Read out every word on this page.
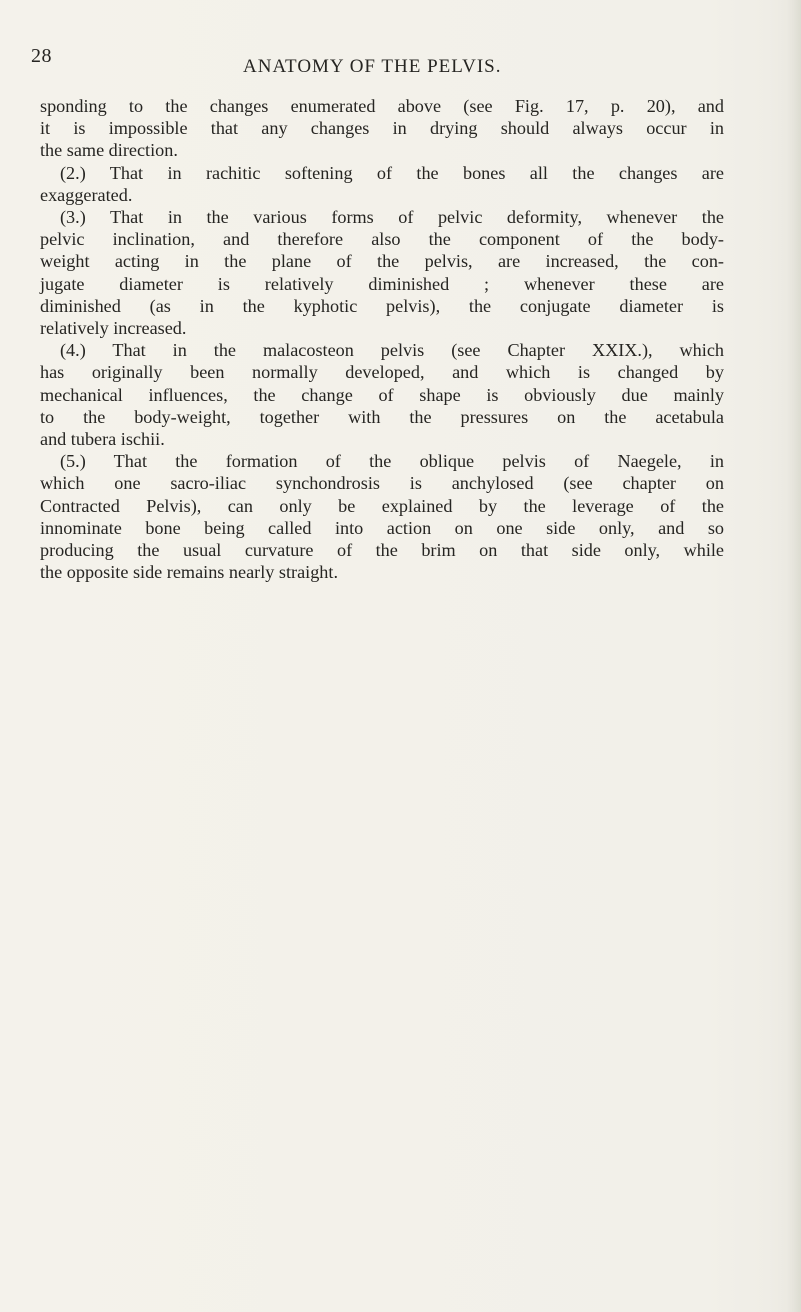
28	ANATOMY OF THE PELVIS.
sponding to the changes enumerated above (see Fig. 17, p. 20), and
it is impossible that any changes in drying should always occur in
the same direction.
(2.) That in rachitic softening of the bones all the changes are
exaggerated.
(3.) That in the various forms of pelvic deformity, whenever the
pelvic inclination, and therefore also the component of the body-
weight acting in the plane of the pelvis, are increased, the con-
jugate diameter is relatively diminished ; whenever these are
diminished (as in the kyphotic pelvis), the conjugate diameter is
relatively increased.
(4.) That in the malacosteon pelvis (see Chapter XXIX.), which
has originally been normally developed, and which is changed by
mechanical influences, the change of shape is obviously due mainly
to the body-weight, together with the pressures on the acetabula
and tubera ischii.
(5.) That the formation of the oblique pelvis of Naegele, in
which one sacro-iliac synchondrosis is anchylosed (see chapter on
Contracted Pelvis), can only be explained by the leverage of the
innominate bone being called into action on one side only, and so
producing the usual curvature of the brim on that side only, while
the opposite side remains nearly straight.
